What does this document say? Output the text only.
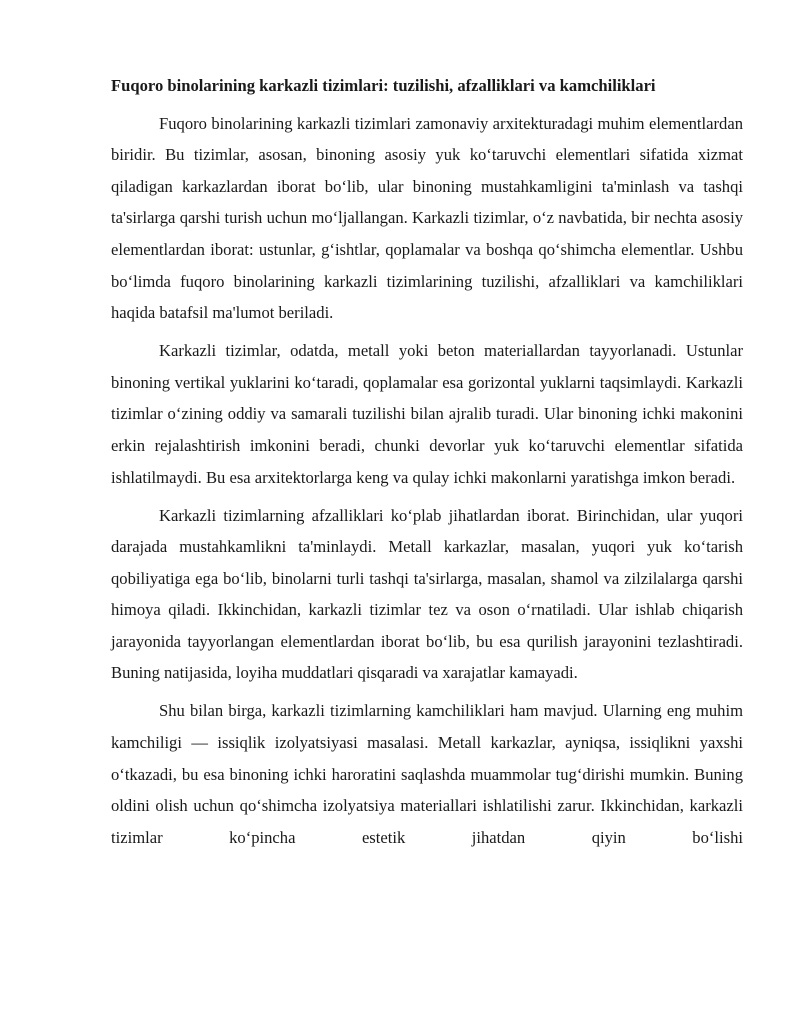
Fuqoro binolarining karkazli tizimlari: tuzilishi, afzalliklari va kamchiliklari

Fuqoro binolarining karkazli tizimlari zamonaviy arxitekturadagi muhim elementlardan biridir. Bu tizimlar, asosan, binoning asosiy yuk ko‘taruvchi elementlari sifatida xizmat qiladigan karkazlardan iborat bo‘lib, ular binoning mustahkamligini ta'minlash va tashqi ta'sirlarga qarshi turish uchun mo‘ljallangan. Karkazli tizimlar, o‘z navbatida, bir nechta asosiy elementlardan iborat: ustunlar, g‘ishtlar, qoplamalar va boshqa qo‘shimcha elementlar. Ushbu bo‘limda fuqoro binolarining karkazli tizimlarining tuzilishi, afzalliklari va kamchiliklari haqida batafsil ma'lumot beriladi.

Karkazli tizimlar, odatda, metall yoki beton materiallardan tayyorlanadi. Ustunlar binoning vertikal yuklarini ko‘taradi, qoplamalar esa gorizontal yuklarni taqsimlaydi. Karkazli tizimlar o‘zining oddiy va samarali tuzilishi bilan ajralib turadi. Ular binoning ichki makonini erkin rejalashtirish imkonini beradi, chunki devorlar yuk ko‘taruvchi elementlar sifatida ishlatilmaydi. Bu esa arxitektorlarga keng va qulay ichki makonlarni yaratishga imkon beradi.

Karkazli tizimlarning afzalliklari ko‘plab jihatlardan iborat. Birinchidan, ular yuqori darajada mustahkamlikni ta'minlaydi. Metall karkazlar, masalan, yuqori yuk ko‘tarish qobiliyatiga ega bo‘lib, binolarni turli tashqi ta'sirlarga, masalan, shamol va zilzilalarga qarshi himoya qiladi. Ikkinchidan, karkazli tizimlar tez va oson o‘rnatiladi. Ular ishlab chiqarish jarayonida tayyorlangan elementlardan iborat bo‘lib, bu esa qurilish jarayonini tezlashtiradi. Buning natijasida, loyiha muddatlari qisqaradi va xarajatlar kamayadi.

Shu bilan birga, karkazli tizimlarning kamchiliklari ham mavjud. Ularning eng muhim kamchiligi — issiqlik izolyatsiyasi masalasi. Metall karkazlar, ayniqsa, issiqlikni yaxshi o‘tkazadi, bu esa binoning ichki haroratini saqlashda muammolar tug‘dirishi mumkin. Buning oldini olish uchun qo‘shimcha izolyatsiya materiallari ishlatilishi zarur. Ikkinchidan, karkazli tizimlar ko‘pincha estetik jihatdan qiyin bo‘lishi
